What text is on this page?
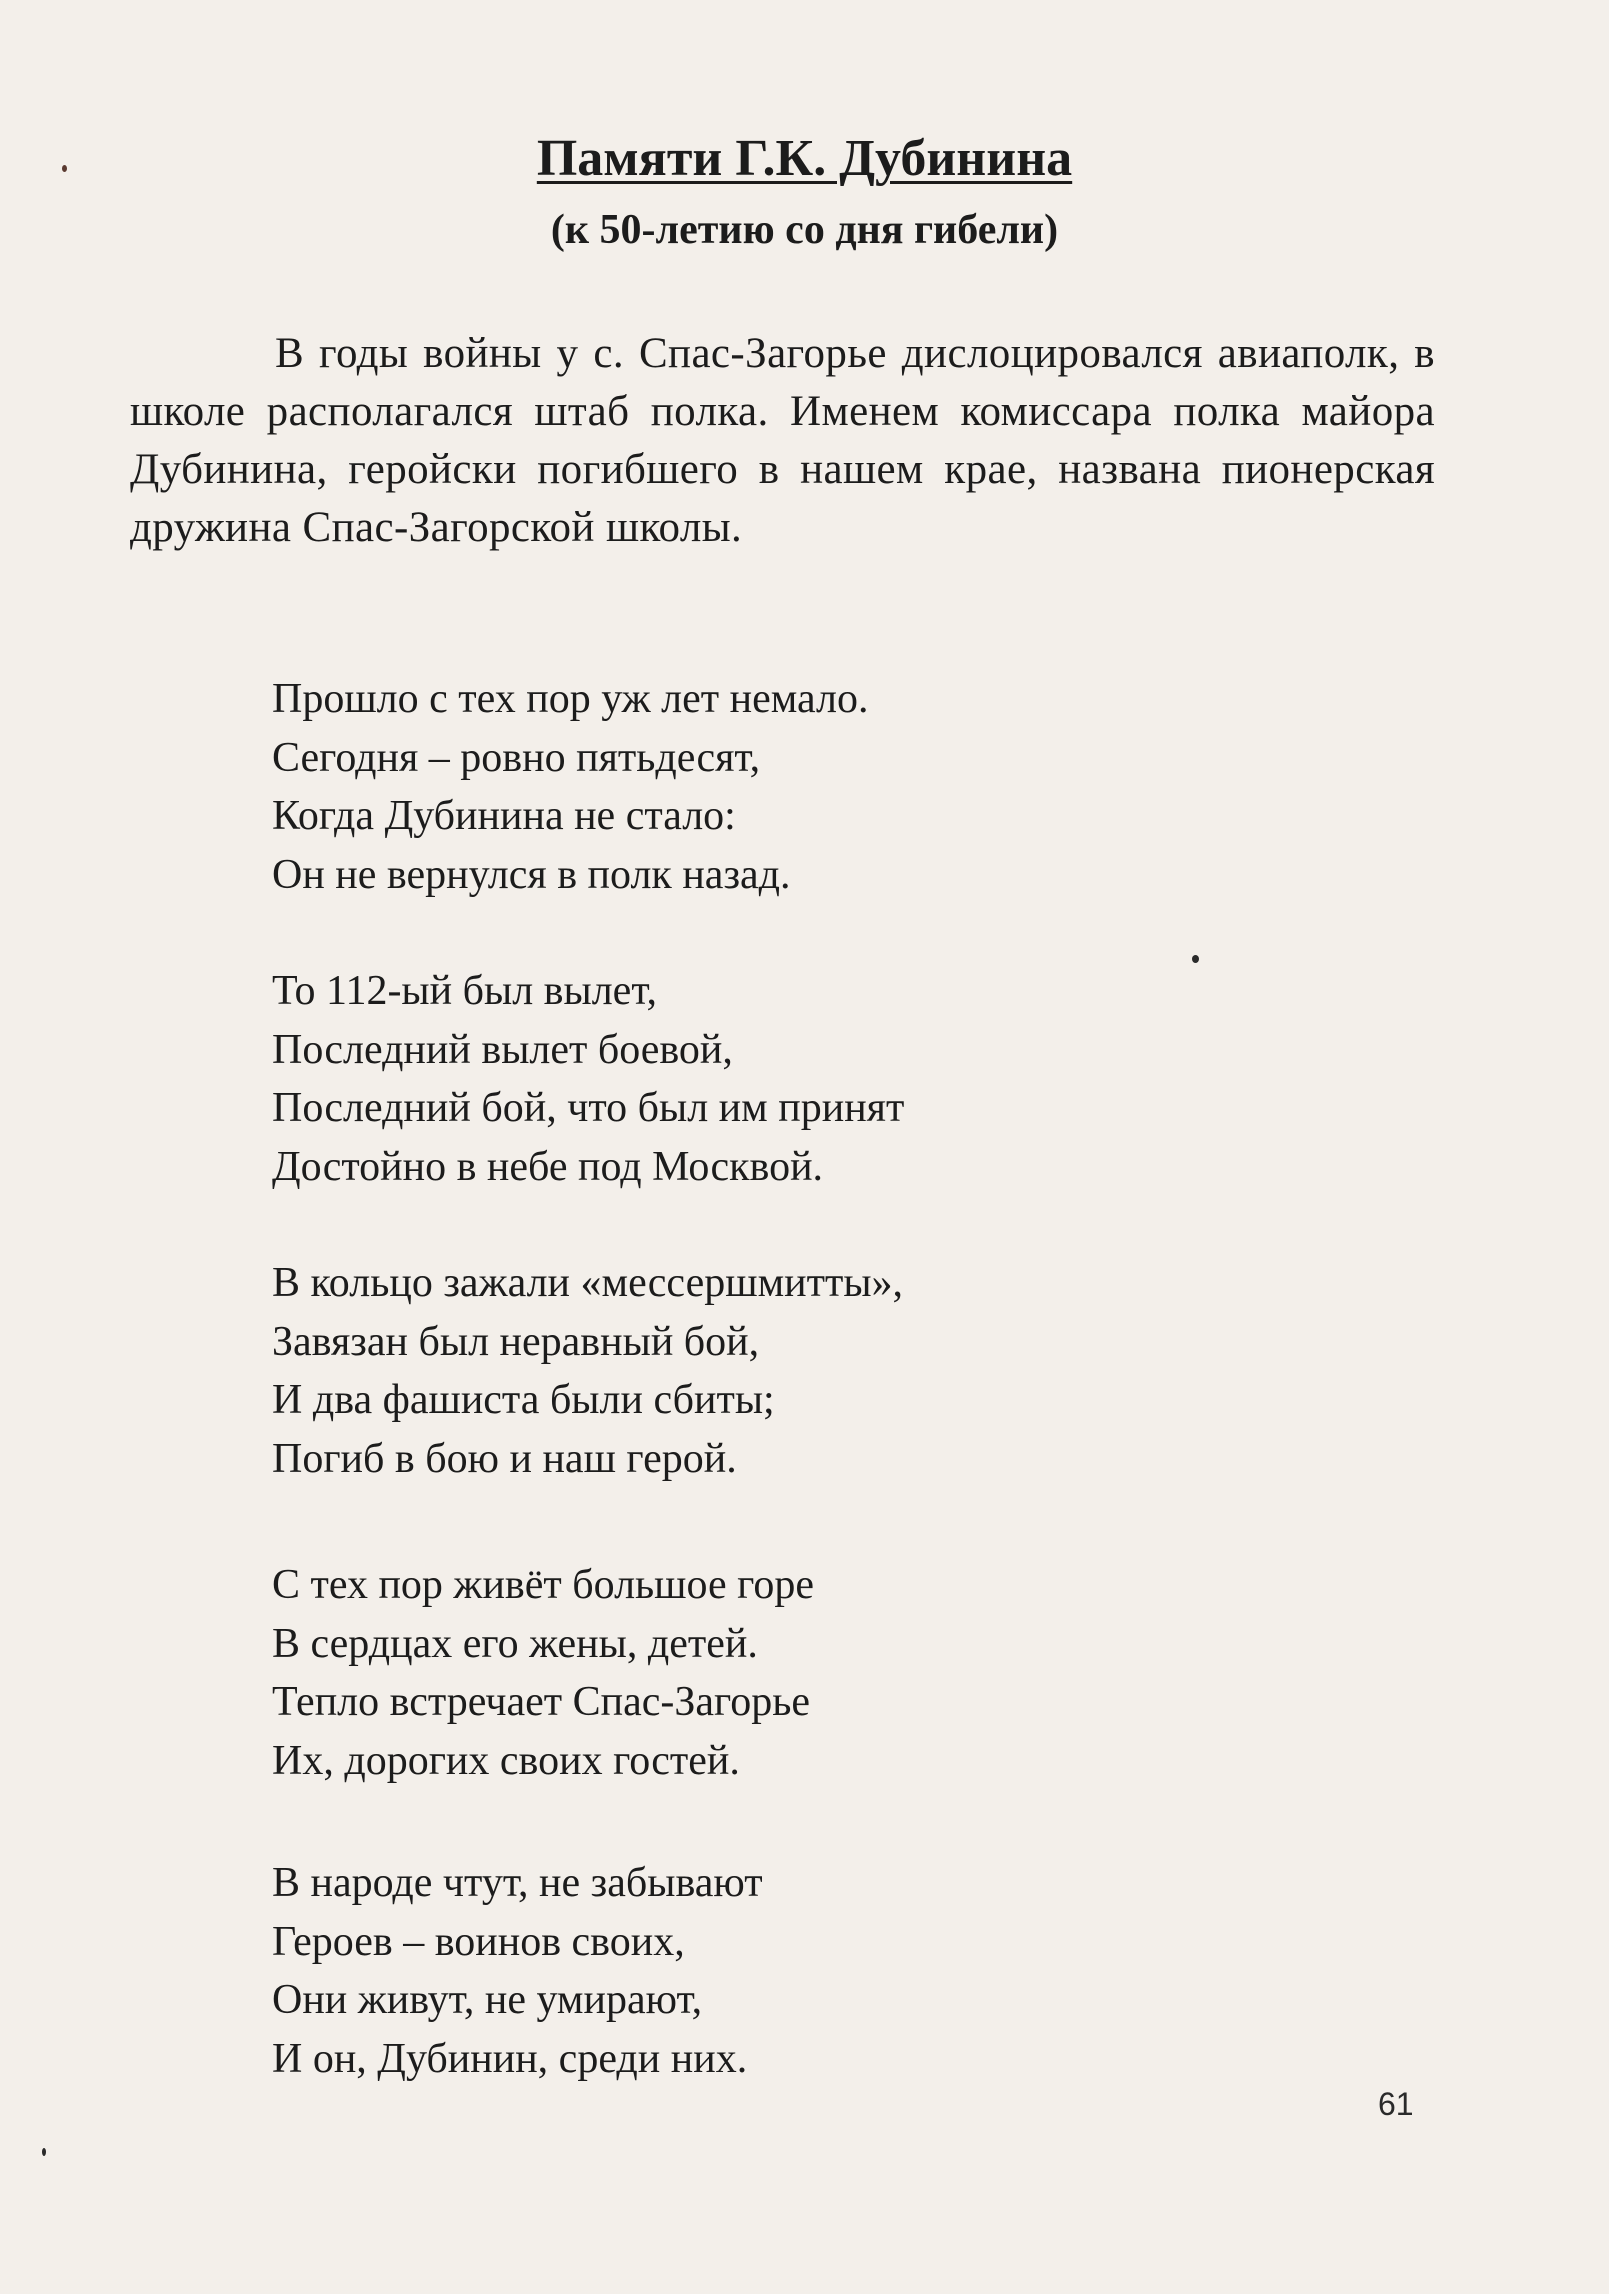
Памяти Г.К. Дубинина
(к 50-летию со дня гибели)

В годы войны у с. Спас-Загорье дислоцировался авиаполк, в школе располагался штаб полка. Именем комиссара полка майора Дубинина, геройски погибшего в нашем крае, названа пионерская дружина Спас-Загорской школы.

Прошло с тех пор уж лет немало.
Сегодня – ровно пятьдесят,
Когда Дубинина не стало:
Он не вернулся в полк назад.
То 112-ый был вылет,
Последний вылет боевой,
Последний бой, что был им принят
Достойно в небе под Москвой.
В кольцо зажали «мессершмитты»,
Завязан был неравный бой,
И два фашиста были сбиты;
Погиб в бою и наш герой.
С тех пор живёт большое горе
В сердцах его жены, детей.
Тепло встречает Спас-Загорье
Их, дорогих своих гостей.
В народе чтут, не забывают
Героев – воинов своих,
Они живут, не умирают,
И он, Дубинин, среди них.
61
